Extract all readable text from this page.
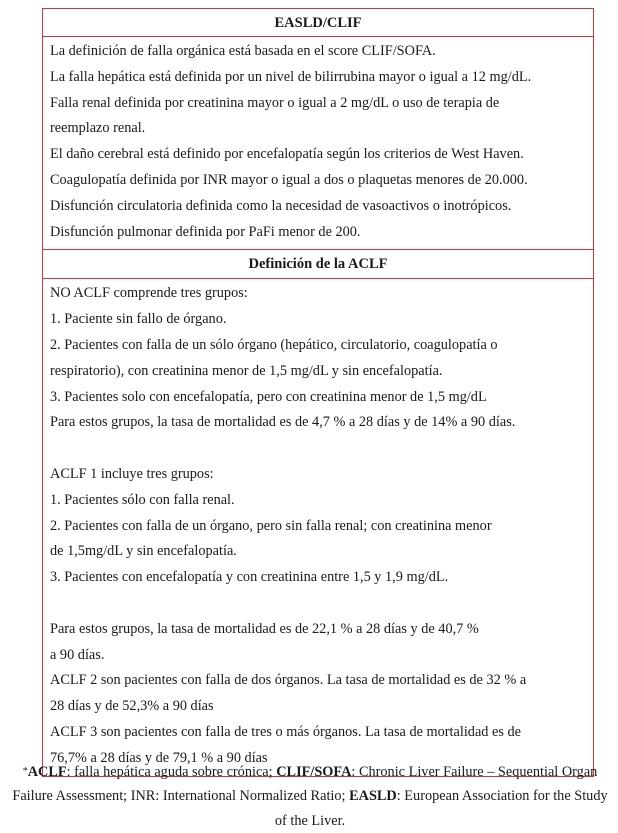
EASLD/CLIF
La definición de falla orgánica está basada en el score CLIF/SOFA.
La falla hepática está definida por un nivel de bilirrubina mayor o igual a 12 mg/dL.
Falla renal definida por creatinina mayor o igual a 2 mg/dL o uso de terapia de
reemplazo renal.
El daño cerebral está definido por encefalopatía según los criterios de West Haven.
Coagulopatía definida por INR mayor o igual a dos o plaquetas menores de 20.000.
Disfunción circulatoria definida como la necesidad de vasoactivos o inotrópicos.
Disfunción pulmonar definida por PaFi menor de 200.
Definición de la ACLF
NO ACLF comprende tres grupos:
1. Paciente sin fallo de órgano.
2. Pacientes con falla de un sólo órgano (hepático, circulatorio, coagulopatía o
respiratorio), con creatinina menor de 1,5 mg/dL y sin encefalopatía.
3. Pacientes solo con encefalopatía, pero con creatinina menor de 1,5 mg/dL
Para estos grupos, la tasa de mortalidad es de 4,7 % a 28 días y de 14% a 90 días.
ACLF 1 incluye tres grupos:
1. Pacientes sólo con falla renal.
2. Pacientes con falla de un órgano, pero sin falla renal; con creatinina menor
de 1,5mg/dL y sin encefalopatía.
3. Pacientes con encefalopatía y con creatinina entre 1,5 y 1,9 mg/dL.
Para estos grupos, la tasa de mortalidad es de 22,1 % a 28 días y de 40,7 %
a 90 días.
ACLF 2 son pacientes con falla de dos órganos. La tasa de mortalidad es de 32 % a
28 días y de 52,3% a 90 días
ACLF 3 son pacientes con falla de tres o más órganos. La tasa de mortalidad es de
76,7% a 28 días y de 79,1 % a 90 días
*ACLF: falla hepática aguda sobre crónica; CLIF/SOFA: Chronic Liver Failure – Sequential Organ Failure Assessment; INR: International Normalized Ratio; EASLD: European Association for the Study of the Liver.
